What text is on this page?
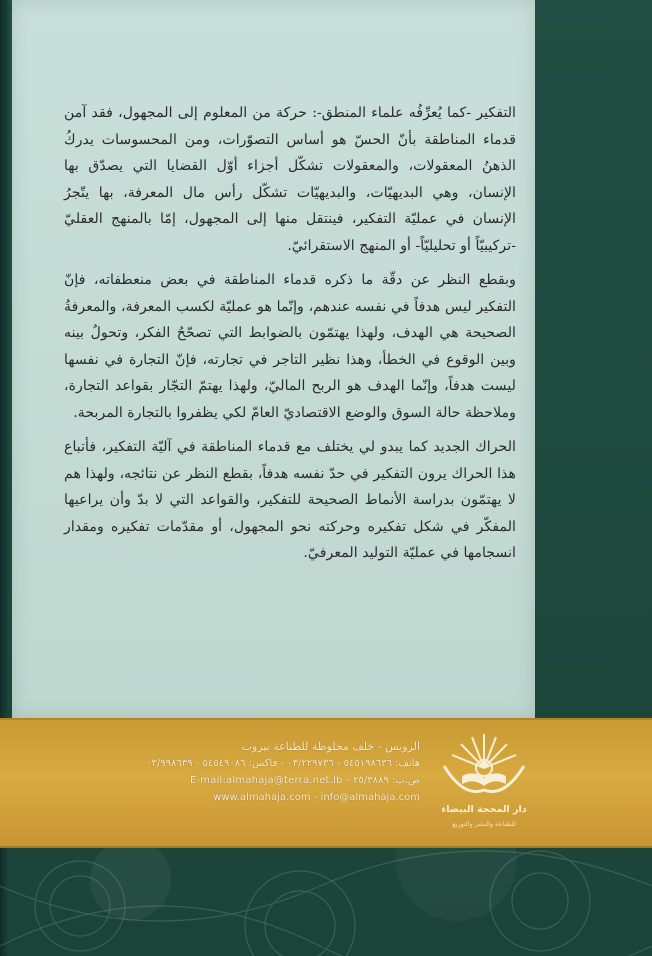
التفكير -كما يُعرِّفُه علماء المنطق-: حركة من المعلوم إلى المجهول، فقد آمن قدماء المناطقة بأنّ الحسّ هو أساس التصوّرات، ومن المحسوسات يدركُ الذهنُ المعقولات، والمعقولات تشكّل أجزاء أوّل القضايا التي يصدّق بها الإنسان، وهي البديهيّات، والبديهيّات تشكّل رأس مال المعرفة، بها يتّجرُ الإنسان في عمليّة التفكير، فينتقل منها إلى المجهول، إمّا بالمنهج العقليّ -تركيبيّاً أو تحليليّاً- أو المنهج الاستقرائيّ.

وبقطع النظر عن دقّة ما ذكره قدماء المناطقة في بعض منعطفاته، فإنّ التفكير ليس هدفاً في نفسه عندهم، وإنّما هو عمليّة لكسب المعرفة، والمعرفةُ الصحيحة هي الهدف، ولهذا يهتمّون بالضوابط التي تصحّحُ الفكر، وتحولُ بينه وبين الوقوع في الخطأ، وهذا نظير التاجر في تجارته، فإنّ التجارة في نفسها ليست هدفاً، وإنّما الهدف هو الربح الماليّ، ولهذا يهتمّ التجّار بقواعد التجارة، وملاحظة حالة السوق والوضع الاقتصاديّ العامّ لكي يظفروا بالتجارة المربحة.

الحراك الجديد كما يبدو لي يختلف مع قدماء المناطقة في آليّة التفكير، فأتباع هذا الحراك يرون التفكير في حدّ نفسه هدفاً، بقطع النظر عن نتائجه، ولهذا هم لا يهتمّون بدراسة الأنماط الصحيحة للتفكير، والقواعد التي لا بدّ وأن يراعيها المفكّر في شكل تفكيره وحركته نحو المجهول، أو مقدّمات تفكيره ومقدار انسجامها في عمليّة التوليد المعرفيّ.

دار المحجة البيضاء
للطباعة والنشر والتوزيع
الرويس - خلف محلوظة للطباعة بيروت
هاتف: ٥٤٥١٩٨٦٣٦ - ٠٣/٢٢٩٧٣٦ - فاكس: ٥٤٥٤٩٠٨٦ - ٠٣/٩٩٨٦٣٩
E-mail:almahaja@terra.net.lb - ص.ب: ٢٥/٣٨٨٩
www.almahaja.com - info@almahaja.com
